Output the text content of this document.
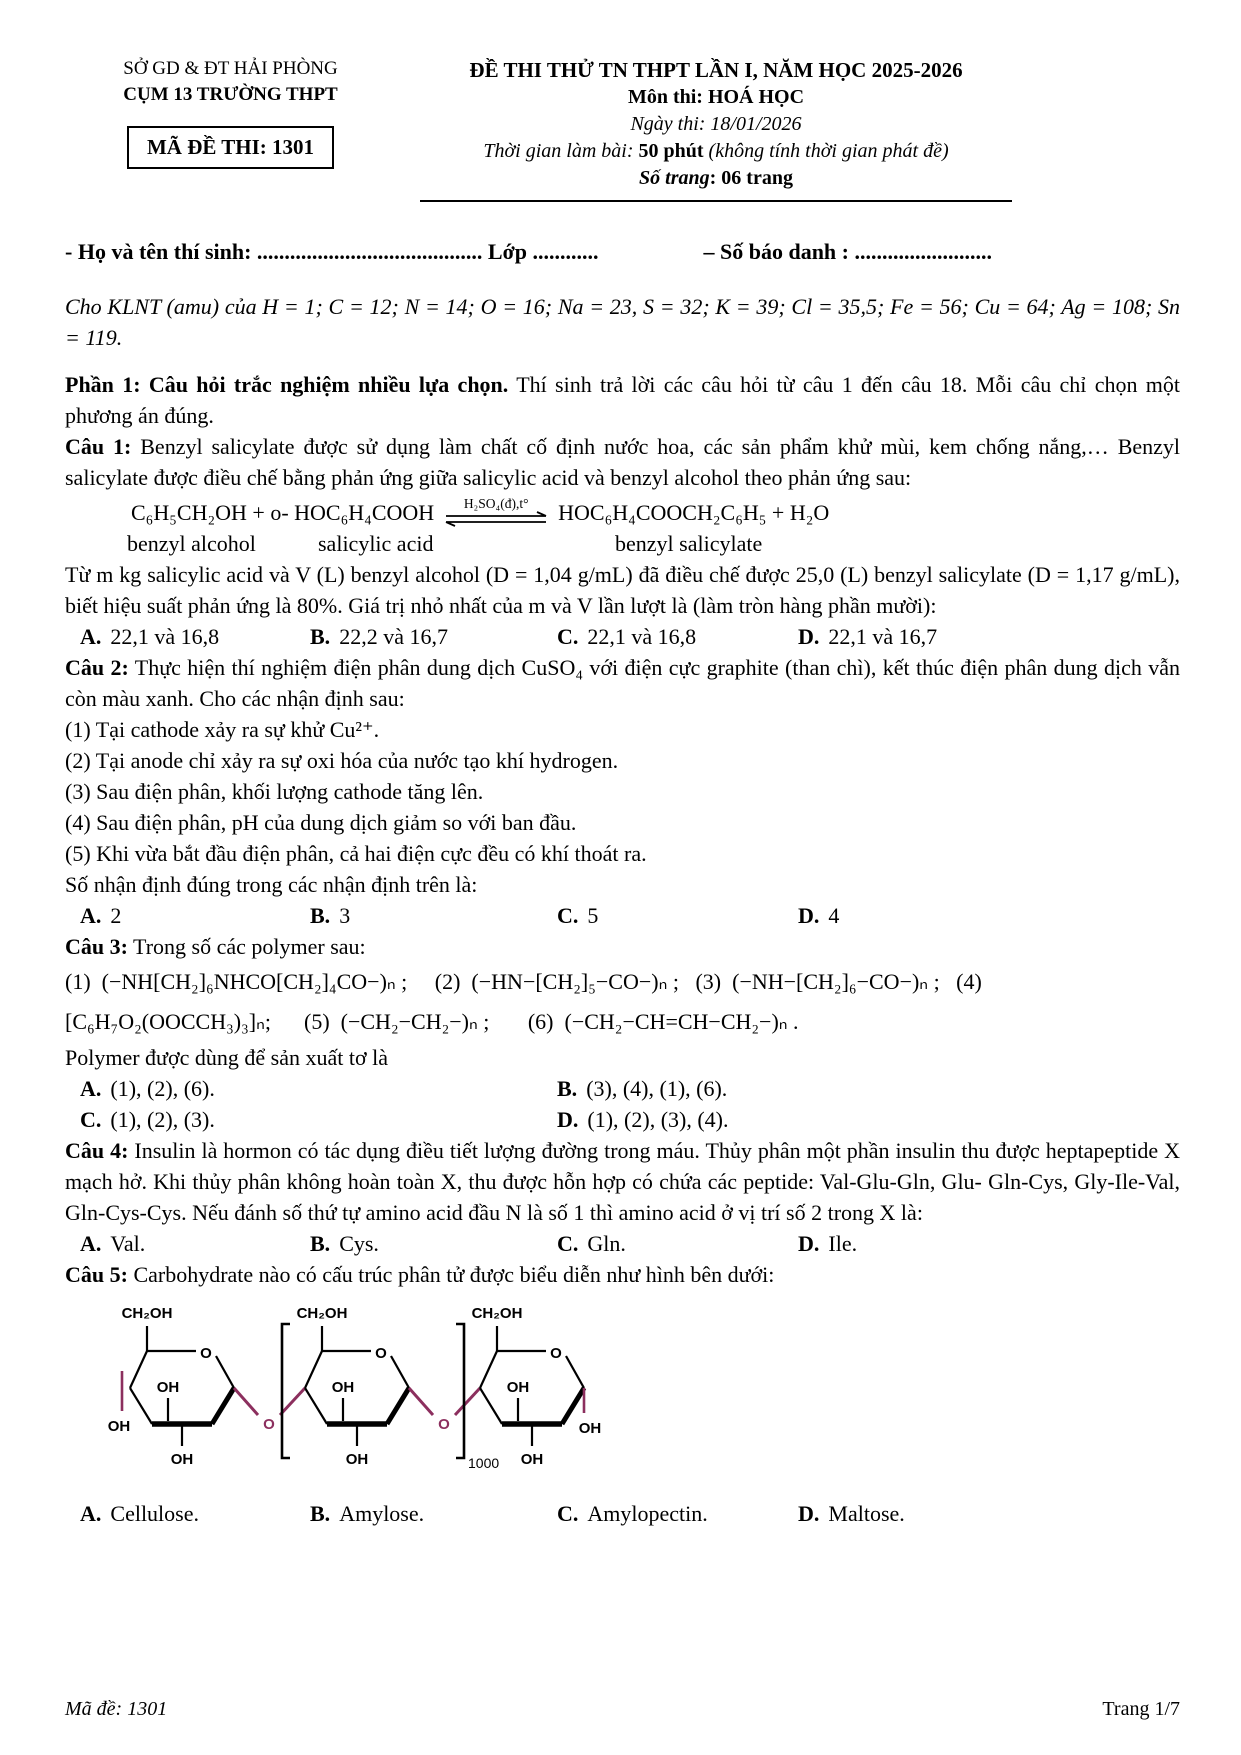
SỞ GD & ĐT HẢI PHÒNG
CỤM 13 TRƯỜNG THPT
MÃ ĐỀ THI: 1301
ĐỀ THI THỬ TN THPT LẦN I, NĂM HỌC 2025-2026
Môn thi: HOÁ HỌC
Ngày thi: 18/01/2026
Thời gian làm bài: 50 phút (không tính thời gian phát đề)
Số trang: 06 trang
- Họ và tên thí sinh: ......................................... Lớp ............	– Số báo danh : .........................

Cho KLNT (amu) của H = 1; C = 12; N = 14; O = 16; Na = 23, S = 32; K = 39; Cl = 35,5; Fe = 56; Cu = 64; Ag = 108; Sn = 119.

Phần 1: Câu hỏi trắc nghiệm nhiều lựa chọn. Thí sinh trả lời các câu hỏi từ câu 1 đến câu 18. Mỗi câu chỉ chọn một phương án đúng.

Câu 1: Benzyl salicylate được sử dụng làm chất cố định nước hoa, các sản phẩm khử mùi, kem chống nắng,… Benzyl salicylate được điều chế bằng phản ứng giữa salicylic acid và benzyl alcohol theo phản ứng sau:

C₆H₅CH₂OH + o- HOC₆H₄COOH H₂SO₄(đ),t° HOC₆H₄COOCH₂C₆H₅ + H₂O
benzyl alcohol	salicylic acid	benzyl salicylate

Từ m kg salicylic acid và V (L) benzyl alcohol (D = 1,04 g/mL) đã điều chế được 25,0 (L) benzyl salicylate (D = 1,17 g/mL), biết hiệu suất phản ứng là 80%. Giá trị nhỏ nhất của m và V lần lượt là (làm tròn hàng phần mười):

A. 22,1 và 16,8	B. 22,2 và 16,7	C. 22,1 và 16,8	D. 22,1 và 16,7

Câu 2: Thực hiện thí nghiệm điện phân dung dịch CuSO₄ với điện cực graphite (than chì), kết thúc điện phân dung dịch vẫn còn màu xanh. Cho các nhận định sau:

(1) Tại cathode xảy ra sự khử Cu²⁺.
(2) Tại anode chỉ xảy ra sự oxi hóa của nước tạo khí hydrogen.
(3) Sau điện phân, khối lượng cathode tăng lên.
(4) Sau điện phân, pH của dung dịch giảm so với ban đầu.
(5) Khi vừa bắt đầu điện phân, cả hai điện cực đều có khí thoát ra.
Số nhận định đúng trong các nhận định trên là:
A. 2	B. 3	C. 5	D. 4

Câu 3: Trong số các polymer sau:

(1)  (−NH[CH₂]₆NHCO[CH₂]₄CO−)ₙ ;     (2)  (−HN−[CH₂]₅−CO−)ₙ ;   (3)  (−NH−[CH₂]₆−CO−)ₙ ;   (4)
[C₆H₇O₂(OOCCH₃)₃]ₙ;      (5)  (−CH₂−CH₂−)ₙ ;       (6)  (−CH₂−CH=CH−CH₂−)ₙ .
Polymer được dùng để sản xuất tơ là
A. (1), (2), (6).	B. (3), (4), (1), (6).
C. (1), (2), (3).	D. (1), (2), (3), (4).

Câu 4: Insulin là hormon có tác dụng điều tiết lượng đường trong máu. Thủy phân một phần insulin thu được heptapeptide X mạch hở. Khi thủy phân không hoàn toàn X, thu được hỗn hợp có chứa các peptide: Val-Glu-Gln, Glu- Gln-Cys, Gly-Ile-Val, Gln-Cys-Cys. Nếu đánh số thứ tự amino acid đầu N là số 1 thì amino acid ở vị trí số 2 trong X là:

A. Val.	B. Cys.	C. Gln.	D. Ile.

Câu 5: Carbohydrate nào có cấu trúc phân tử được biểu diễn như hình bên dưới:

CH₂OH
O
OH
OH
OH
O
CH₂OH
O
OH
OH
O
1000
CH₂OH
O
OH
OH
OH
A. Cellulose.	B. Amylose.	C. Amylopectin.	D. Maltose.
Mã đề: 1301	Trang 1/7
